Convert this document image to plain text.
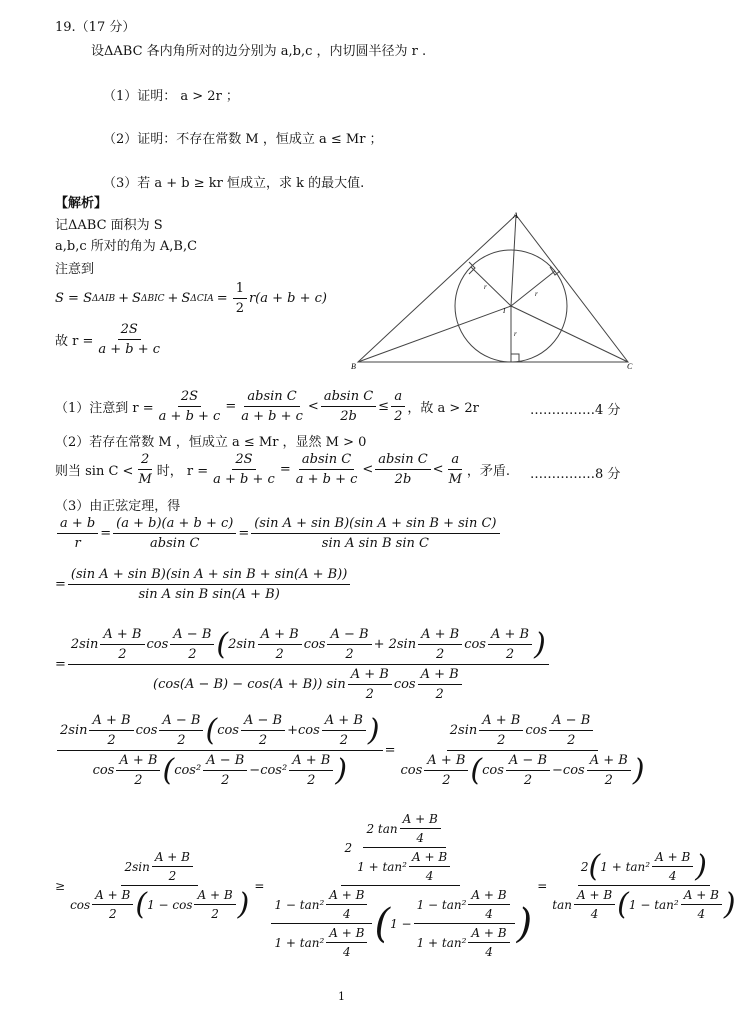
19.（17 分）
设ΔABC 各内角所对的边分别为 a,b,c ，内切圆半径为 r .
（1）证明： a > 2r ；
（2）证明：不存在常数 M ，恒成立 a ≤ Mr ；
（3）若 a + b ≥ kr 恒成立，求 k 的最大值.
【解析】
记ΔABC 面积为 S
a,b,c 所对的角为 A,B,C
注意到
S = S ΔAIB + S ΔBIC + S $\Delta CIA = \frac{1}{2} r(a + b + c)$
故 $r = \frac{2S}{a + b + c}$
A
B	C
I
r
r
r
（1）注意到 $r = \frac{2S}{a + b + c} = \frac{\text{absin C}}{a + b + c} < \frac{\text{absin C}}{2b} \le \frac{a}{2}$ ，故 a > 2r	……………4 分
（2）若存在常数 M ，恒成立 a ≤ Mr ，显然 M > 0
则当 $\sin C < \frac{2}{M}$ 时， $r = \frac{2S}{a + b + c} = \frac{\text{absin C}}{a + b + c} < \frac{\text{absin C}}{2b} < \frac{a}{M}$ ，矛盾. ……………8 分
（3）由正弦定理，得
$\frac{a + b}{r} = \frac{(a + b)(a + b + c)}{\text{absin C}} = \frac{\text{(sin A + sin B)(sin A + sin B + sin C)}}{\text{sin A sin B sin C}}$
= $\frac{\text{(sin A + sin B)(sin A + sin B + sin(A + B))}}{\text{sin A sin B sin(A + B)}}$
=
$2\sin \frac{A + B}{2}$ $\cos \frac{A - B}{2}$ ( $2\sin \frac{A + B}{2}$ $\cos \frac{A - B}{2} + 2\sin \frac{A + B}{2}$ $\cos \frac{A + B}{2}$ )
(cos(A − B) − cos(A + B)) $\sin \frac{A + B}{2}$ $\cos \frac{A + B}{2}$
$2\sin \frac{A + B}{2}$ $\cos \frac{A - B}{2}$ ( $\cos \frac{A - B}{2} + \cos \frac{A + B}{2}$ )
$\cos \frac{A + B}{2}$ ( $\cos^2 \frac{A - B}{2} - \cos^2 \frac{A + B}{2}$ )
=
$2\sin \frac{A + B}{2}$ $\cos \frac{A - B}{2}$
$\cos \frac{A + B}{2}$ ( $\cos \frac{A - B}{2} - \cos \frac{A + B}{2}$ )
≥ $\frac{2\sin \frac{A + B}{2}}{\cos \frac{A + B}{2} ( 1 - \cos \frac{A + B}{2} )}$ =
$2 \frac{2 \tan \frac{A + B}{4}}{1 + \tan^2 \frac{A + B}{4}}$
$\frac{1 - \tan^2 \frac{A + B}{4}}{1 + \tan^2 \frac{A + B}{4}}$ ( $1 - \frac{1 - \tan^2 \frac{A + B}{4}}{1 + \tan^2 \frac{A + B}{4}}$ )
= $\frac{2 ( 1 + \tan^2 \frac{A + B}{4} )}{\tan \frac{A + B}{4} ( 1 - \tan^2 \frac{A + B}{4} )}$
1
